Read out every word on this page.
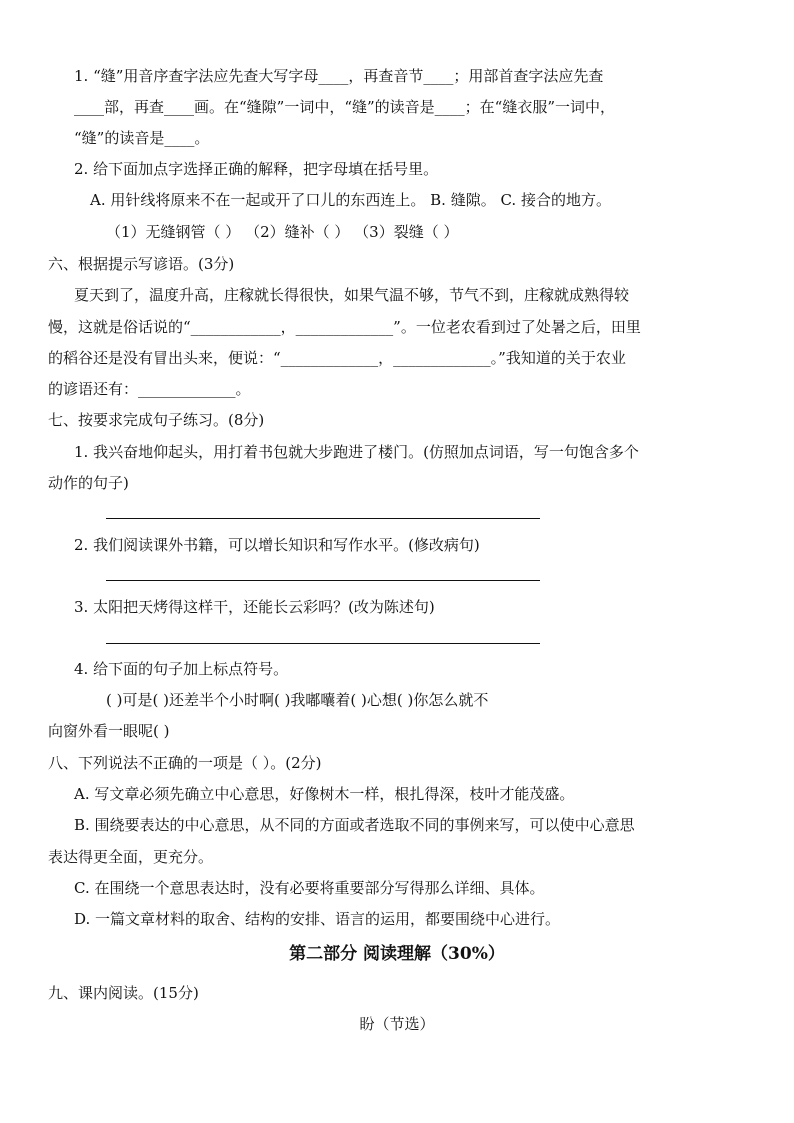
1. “缝”用音序查字法应先查大写字母____，再查音节____；用部首查字法应先查
____部，再查____画。在“缝隙”一词中，“缝”的读音是____；在“缝衣服”一词中，
“缝”的读音是____。
2. 给下面加点字选择正确的解释，把字母填在括号里。
A. 用针线将原来不在一起或开了口儿的东西连上。 B. 缝隙。 C. 接合的地方。
（1）无缝钢管（ ） （2）缝补（ ） （3）裂缝（ ）
六、根据提示写谚语。(3分)
夏天到了，温度升高，庄稼就长得很快，如果气温不够，节气不到，庄稼就成熟得较
慢，这就是俗话说的“____________，_____________”。一位老农看到过了处暑之后，田里
的稻谷还是没有冒出头来，便说：“_____________，_____________。”我知道的关于农业
的谚语还有：_____________。
七、按要求完成句子练习。(8分)
1. 我兴奋地仰起头，用打着书包就大步跑进了楼门。(仿照加点词语，写一句饱含多个
动作的句子)
2. 我们阅读课外书籍，可以增长知识和写作水平。(修改病句)
3. 太阳把天烤得这样干，还能长云彩吗？(改为陈述句)
4. 给下面的句子加上标点符号。
( )可是( )还差半个小时啊( )我嘟囔着( )心想( )你怎么就不
向窗外看一眼呢( )
八、下列说法不正确的一项是（ ）。(2分)
A. 写文章必须先确立中心意思，好像树木一样，根扎得深，枝叶才能茂盛。
B. 围绕要表达的中心意思，从不同的方面或者选取不同的事例来写，可以使中心意思
表达得更全面，更充分。
C. 在围绕一个意思表达时，没有必要将重要部分写得那么详细、具体。
D. 一篇文章材料的取舍、结构的安排、语言的运用，都要围绕中心进行。
第二部分 阅读理解（30%）
九、课内阅读。(15分)
盼（节选）
